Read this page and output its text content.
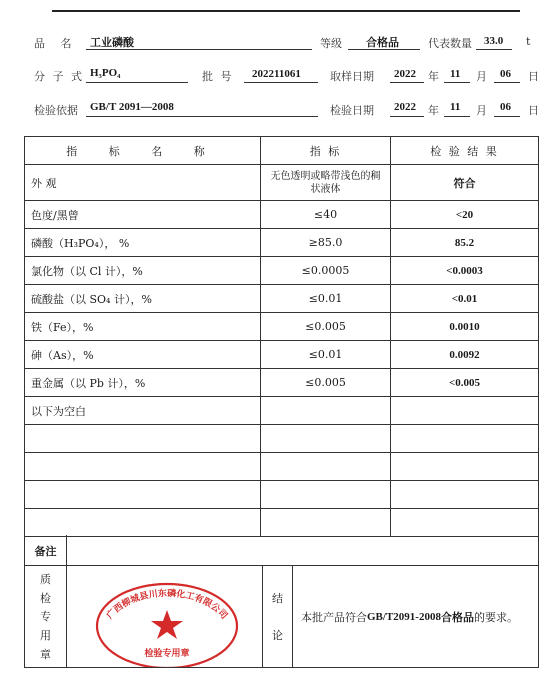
品 名 工业磷酸	等级 合格品	代表数量 33.0 t
分 子 式 H₃PO₄	批 号 202211061	取样日期 2022 年 11 月 06 日
检验依据 GB/T 2091—2008	检验日期 2022 年 11 月 06 日
指 标 名 称	指 标	检 验 结 果
外 观	无色透明或略带浅色的稠状液体	符合
色度/黑曾	≤40	<20
磷酸（H₃PO₄）， %	≥85.0	85.2
氯化物（以 Cl 计），%	≤0.0005	<0.0003
硫酸盐（以 SO₄ 计），%	≤0.01	<0.01
铁（Fe），%	≤0.005	0.0010
砷（As），%	≤0.01	0.0092
重金属（以 Pb 计），%	≤0.005	<0.005
以下为空白		

备注
质
检
专
用
章
广西柳城县川东磷化工有限公司
检验专用章
结
论
本批产品符合 GB/T2091-2008 合格品 的要求。
